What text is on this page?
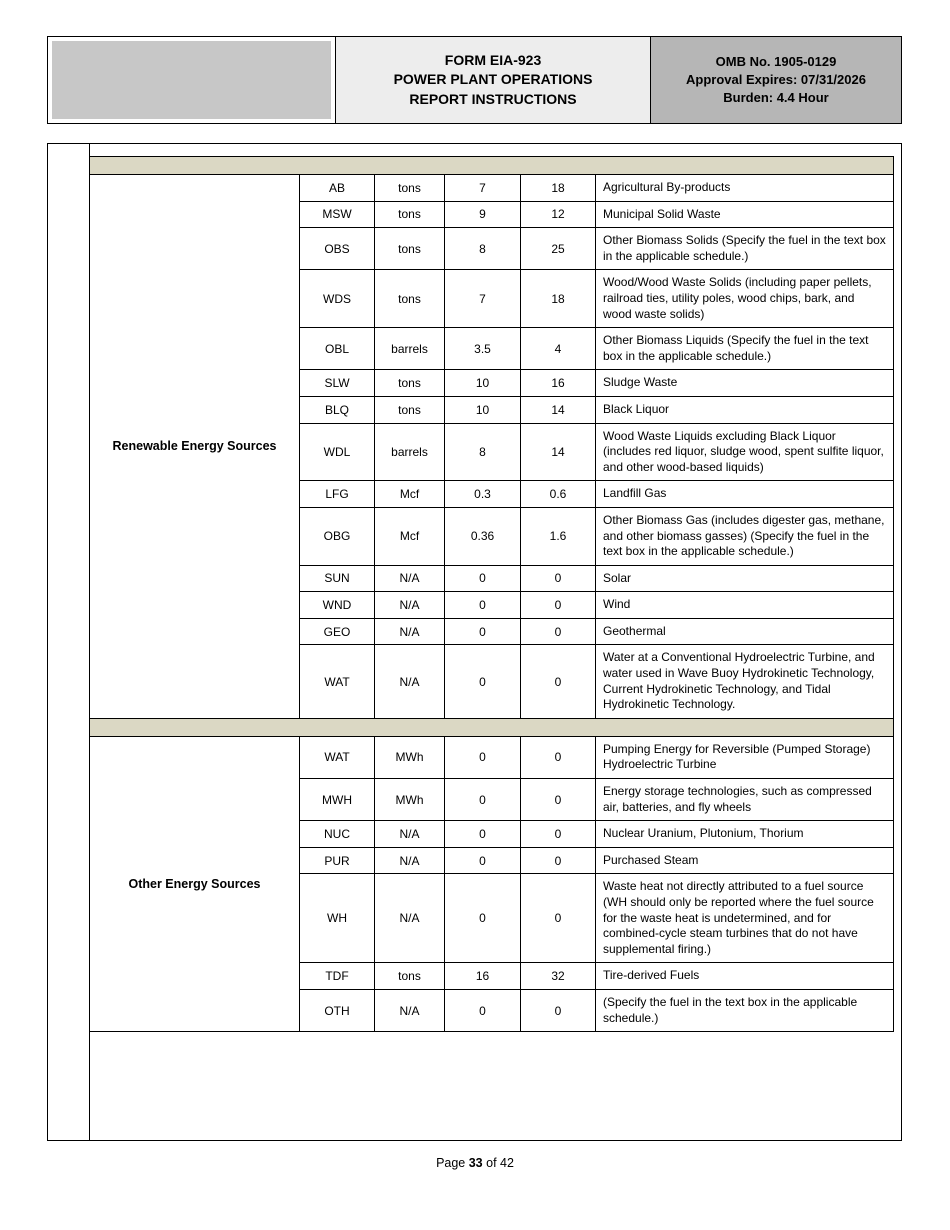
FORM EIA-923
POWER PLANT OPERATIONS
REPORT INSTRUCTIONS
OMB No. 1905-0129
Approval Expires: 07/31/2026
Burden: 4.4 Hour

Renewable Energy Sources	AB	tons	7	18	Agricultural By-products
	MSW	tons	9	12	Municipal Solid Waste
	OBS	tons	8	25	Other Biomass Solids (Specify the fuel in the text box in the applicable schedule.)
	WDS	tons	7	18	Wood/Wood Waste Solids (including paper pellets, railroad ties, utility poles, wood chips, bark, and wood waste solids)
	OBL	barrels	3.5	4	Other Biomass Liquids (Specify the fuel in the text box in the applicable schedule.)
	SLW	tons	10	16	Sludge Waste
	BLQ	tons	10	14	Black Liquor
	WDL	barrels	8	14	Wood Waste Liquids excluding Black Liquor (includes red liquor, sludge wood, spent sulfite liquor, and other wood-based liquids)
	LFG	Mcf	0.3	0.6	Landfill Gas
	OBG	Mcf	0.36	1.6	Other Biomass Gas (includes digester gas, methane, and other biomass gasses) (Specify the fuel in the text box in the applicable schedule.)
	SUN	N/A	0	0	Solar
	WND	N/A	0	0	Wind
	GEO	N/A	0	0	Geothermal
	WAT	N/A	0	0	Water at a Conventional Hydroelectric Turbine, and water used in Wave Buoy Hydrokinetic Technology, Current Hydrokinetic Technology, and Tidal Hydrokinetic Technology.

Other Energy Sources	WAT	MWh	0	0	Pumping Energy for Reversible (Pumped Storage) Hydroelectric Turbine
	MWH	MWh	0	0	Energy storage technologies, such as compressed air, batteries, and fly wheels
	NUC	N/A	0	0	Nuclear Uranium, Plutonium, Thorium
	PUR	N/A	0	0	Purchased Steam
	WH	N/A	0	0	Waste heat not directly attributed to a fuel source (WH should only be reported where the fuel source for the waste heat is undetermined, and for combined-cycle steam turbines that do not have supplemental firing.)
	TDF	tons	16	32	Tire-derived Fuels
	OTH	N/A	0	0	(Specify the fuel in the text box in the applicable schedule.)
Page 33 of 42
